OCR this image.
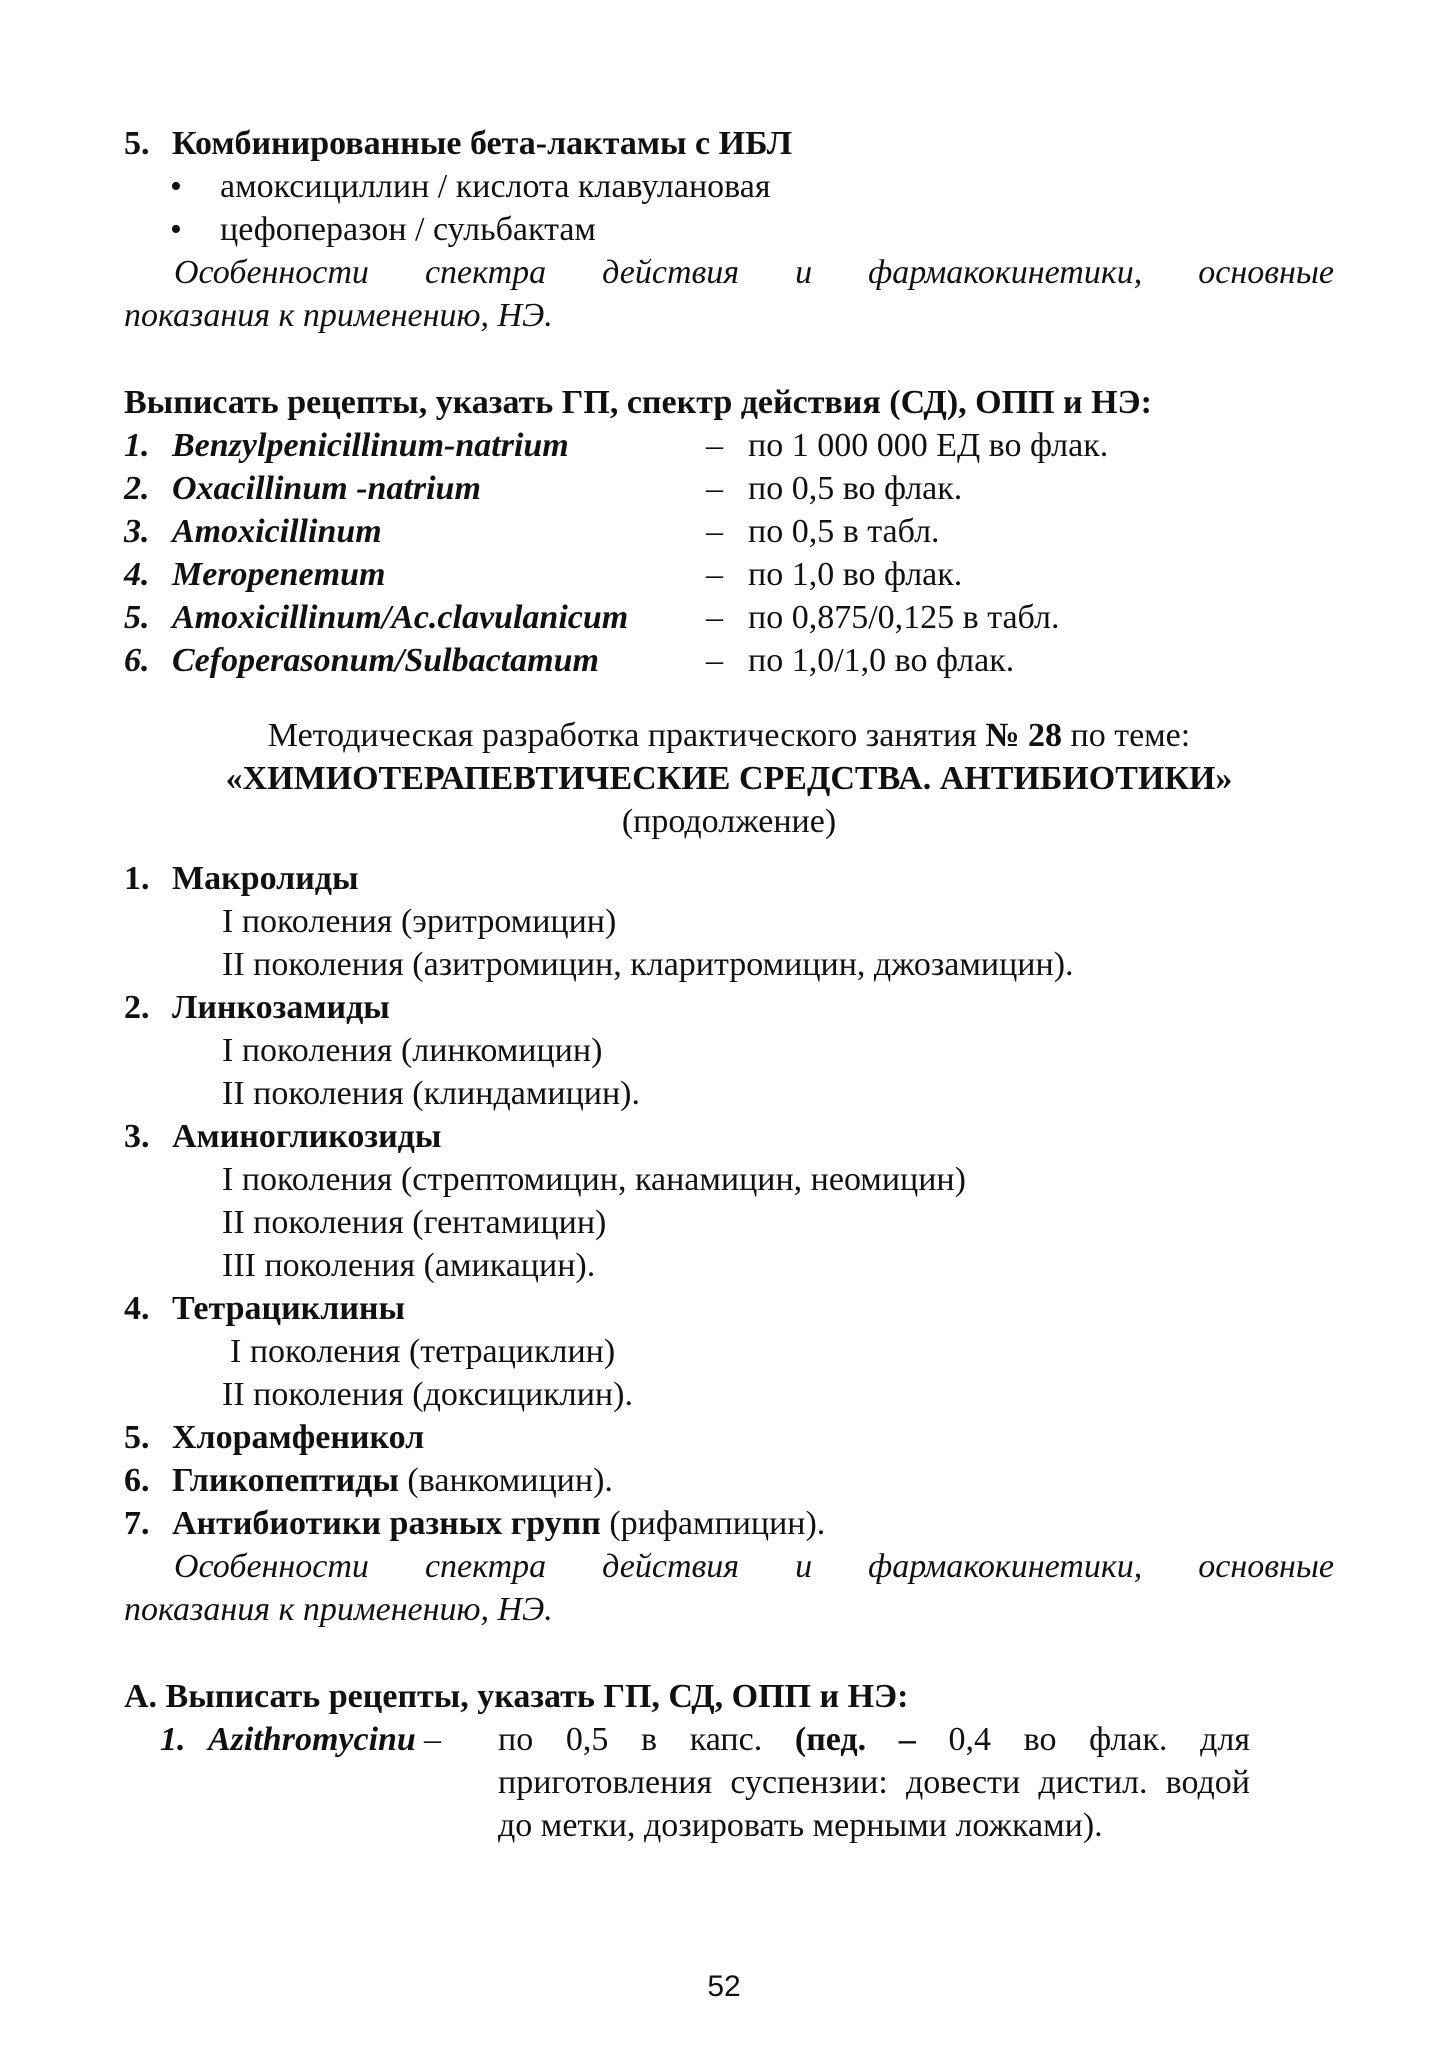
5. Комбинированные бета-лактамы с ИБЛ
•	амоксициллин / кислота клавулановая
•	цефоперазон / сульбактам
Особенности спектра действия и фармакокинетики, основные
показания к применению, НЭ.
Выписать рецепты, указать ГП, спектр действия (СД), ОПП и НЭ:
1. Benzylpenicillinum-natrium	– по 1 000 000 ЕД во флак.
2. Oxacillinum -natrium	– по 0,5 во флак.
3. Amoxicillinum	– по 0,5 в табл.
4. Meropenemum	– по 1,0 во флак.
5. Amoxicillinum/Ac.clavulanicum	– по 0,875/0,125 в табл.
6. Cefoperasonum/Sulbactamum	– по 1,0/1,0 во флак.
Методическая разработка практического занятия № 28 по теме:
«ХИМИОТЕРАПЕВТИЧЕСКИЕ СРЕДСТВА. АНТИБИОТИКИ»
(продолжение)
1. Макролиды
I поколения (эритромицин)
II поколения (азитромицин, кларитромицин, джозамицин).
2. Линкозамиды
I поколения (линкомицин)
II поколения (клиндамицин).
3. Аминогликозиды
I поколения (стрептомицин, канамицин, неомицин)
II поколения (гентамицин)
III поколения (амикацин).
4. Тетрациклины
I поколения (тетрациклин)
II поколения (доксициклин).
5. Хлорамфеникол
6. Гликопептиды (ванкомицин).
7. Антибиотики разных групп (рифампицин).
Особенности спектра действия и фармакокинетики, основные
показания к применению, НЭ.
А. Выписать рецепты, указать ГП, СД, ОПП и НЭ:
1. Azithromycinu –	по 0,5 в капс. (пед. – 0,4 во флак. для приготовления суспензии: довести дистил. водой до метки, дозировать мерными ложками).
52
